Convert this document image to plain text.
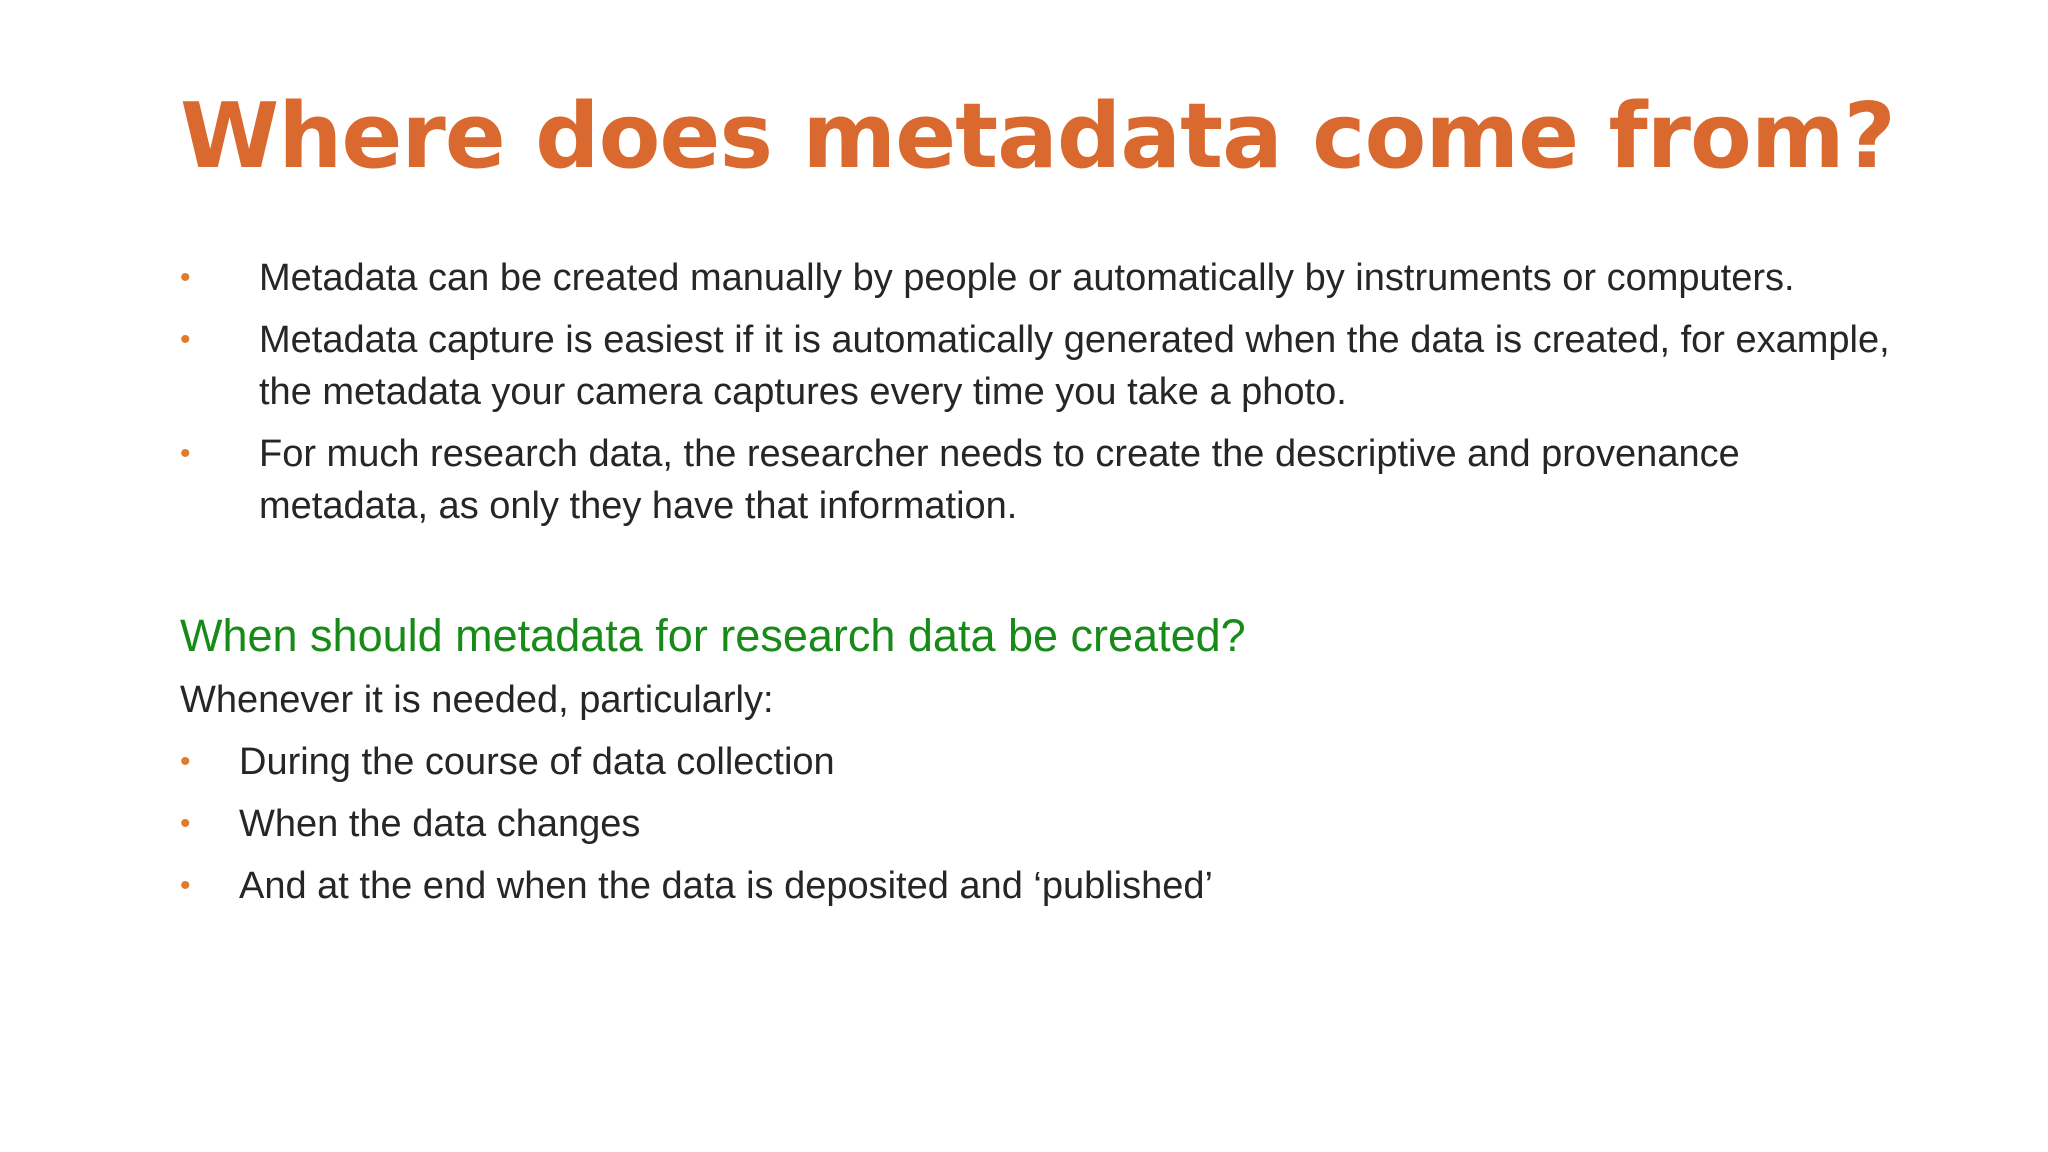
Where does metadata come from?
• Metadata can be created manually by people or automatically by instruments or computers.
• Metadata capture is easiest if it is automatically generated when the data is created, for example, the metadata your camera captures every time you take a photo.
• For much research data, the researcher needs to create the descriptive and provenance metadata, as only they have that information.
When should metadata for research data be created?

Whenever it is needed, particularly:

• During the course of data collection
• When the data changes
• And at the end when the data is deposited and ‘published’
